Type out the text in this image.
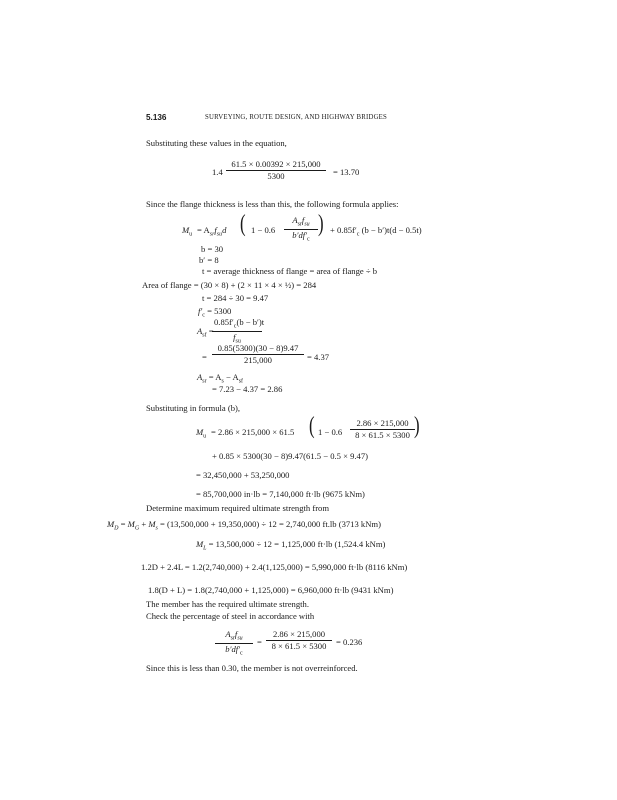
5.136	SURVEYING, ROUTE DESIGN, AND HIGHWAY BRIDGES
Substituting these values in the equation,
1.4
61.5 × 0.00392 × 215,000
5300	= 13.70
Since the flange thickness is less than this, the following formula applies:
$M_u = A_{sr}f_{su}d$ ( 1 − 0.6
$A_{sr}f_{su}$
$b'df'_c$
) + $0.85f'_c$ (b − b′)t(d − 0.5t)
b = 30
b′ = 8
t = average thickness of flange = area of flange ÷ b
Area of flange = (30 × 8) + (2 × 11 × 4 × ½) = 284
t = 284 ÷ 30 = 9.47
$f'_c = 5300$
$A_{sf}$ =
$0.85f'_c(b - b')t$
$f_{su}$
=
0.85(5300)(30 − 8)9.47
215,000	= 4.37
$A_{sr} = A_s - A_{sf}$
= 7.23 − 4.37 = 2.86
Substituting in formula (b),
$M_u = 2.86 \times 215,000 \times 61.5$ ( 1 − 0.6
2.86 × 215,000
8 × 61.5 × 5300 )
+ 0.85 × 5300(30 − 8)9.47(61.5 − 0.5 × 9.47)
= 32,450,000 + 53,250,000
= 85,700,000 in·lb = 7,140,000 ft·lb (9675 kNm)
Determine maximum required ultimate strength from
$M_D = M_G + M_s = (13,500,000 + 19,350,000) \div 12 = 2,740,000$ ft.lb (3713 kNm)
$M_L = 13,500,000 \div 12 = 1,125,000$ ft·lb (1,524.4 kNm)
1.2D + 2.4L = 1.2(2,740,000) + 2.4(1,125,000) = 5,990,000 ft·lb (8116 kNm)
1.8(D + L) = 1.8(2,740,000 + 1,125,000) = 6,960,000 ft·lb (9431 kNm)
The member has the required ultimate strength.
Check the percentage of steel in accordance with
$A_{sr}f_{su}$
$b'df'_c$
=
2.86 × 215,000
8 × 61.5 × 5300	= 0.236
Since this is less than 0.30, the member is not overreinforced.
